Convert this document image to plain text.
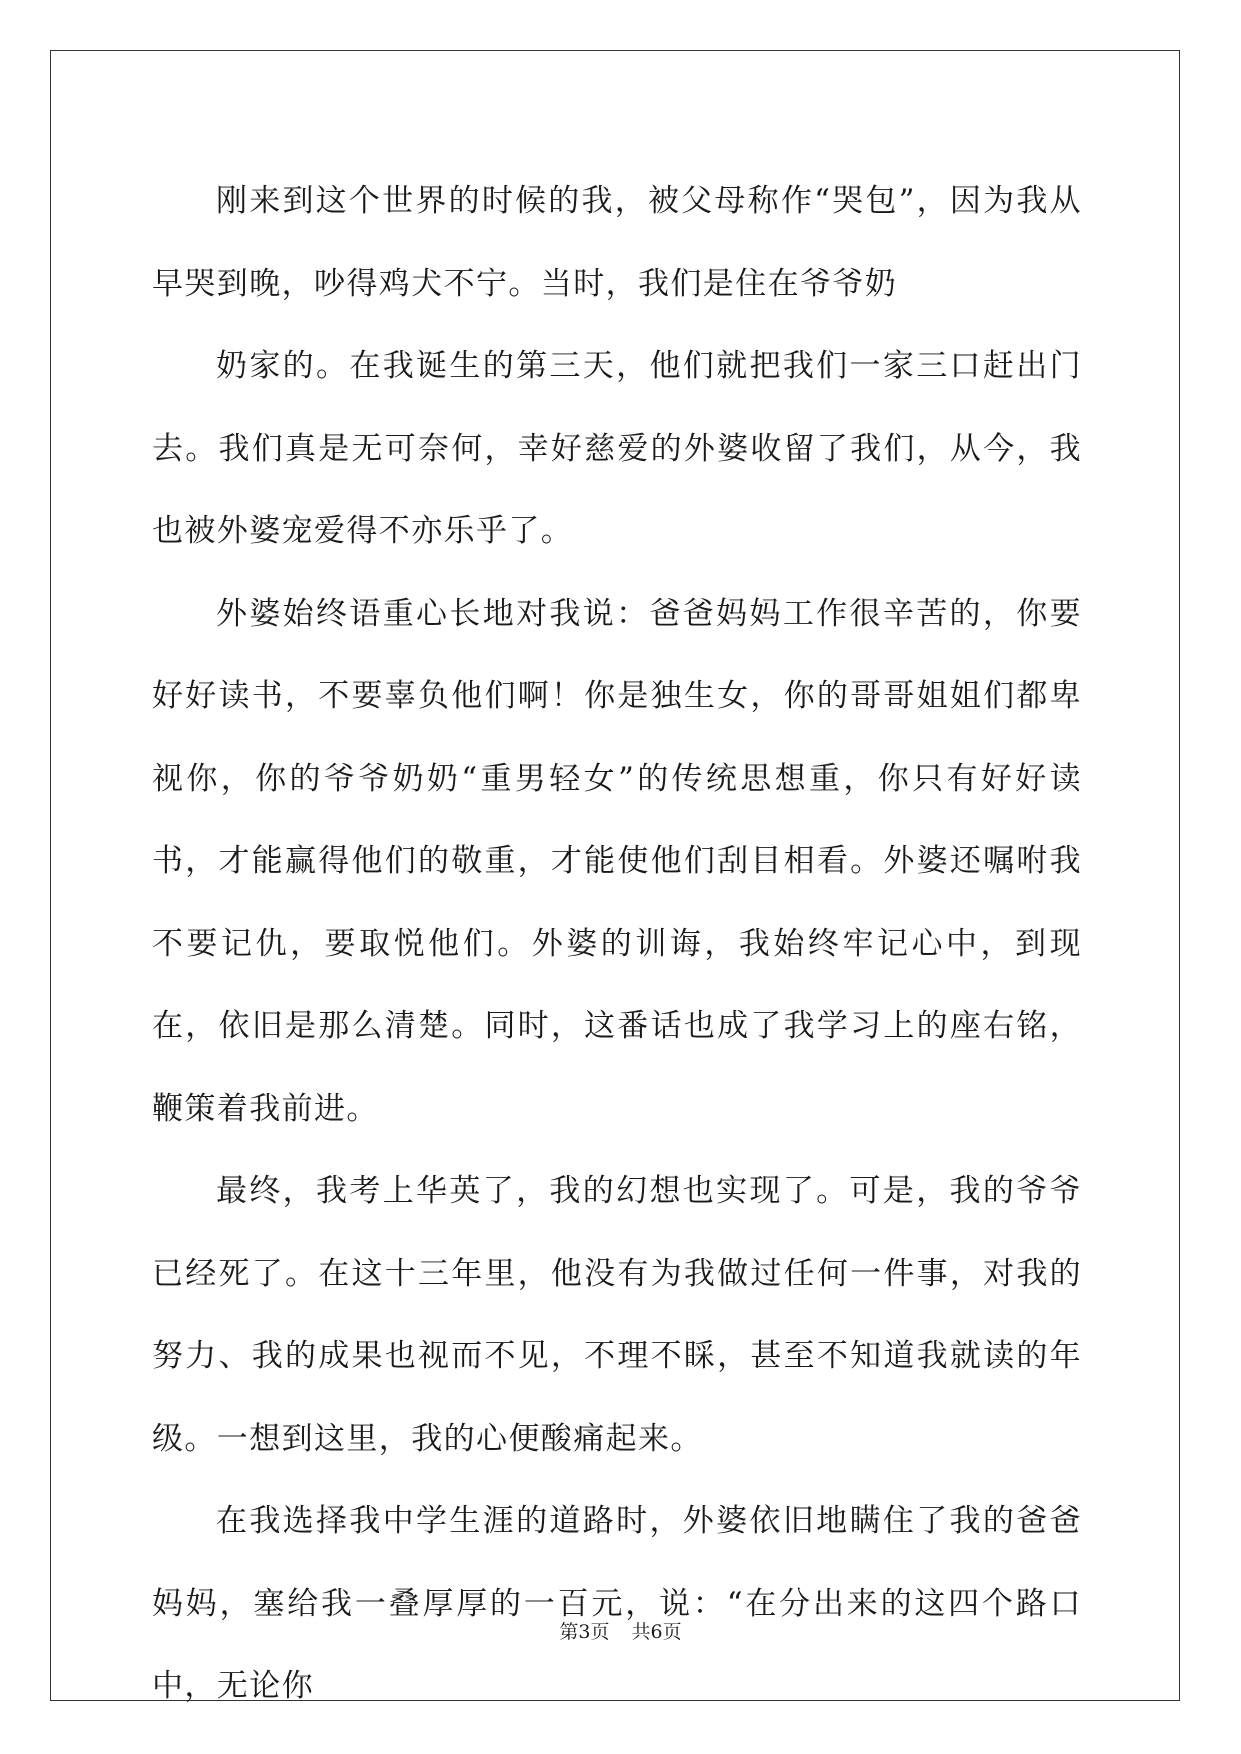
刚来到这个世界的时候的我，被父母称作“哭包”，因为我从早哭到晚，吵得鸡犬不宁。当时，我们是住在爷爷奶

奶家的。在我诞生的第三天，他们就把我们一家三口赶出门去。我们真是无可奈何，幸好慈爱的外婆收留了我们，从今，我也被外婆宠爱得不亦乐乎了。

外婆始终语重心长地对我说：爸爸妈妈工作很辛苦的，你要好好读书，不要辜负他们啊！你是独生女，你的哥哥姐姐们都卑视你，你的爷爷奶奶“重男轻女”的传统思想重，你只有好好读书，才能赢得他们的敬重，才能使他们刮目相看。外婆还嘱咐我不要记仇，要取悦他们。外婆的训诲，我始终牢记心中，到现在，依旧是那么清楚。同时，这番话也成了我学习上的座右铭，鞭策着我前进。

最终，我考上华英了，我的幻想也实现了。可是，我的爷爷已经死了。在这十三年里，他没有为我做过任何一件事，对我的努力、我的成果也视而不见，不理不睬，甚至不知道我就读的年级。一想到这里，我的心便酸痛起来。

在我选择我中学生涯的道路时，外婆依旧地瞒住了我的爸爸妈妈，塞给我一叠厚厚的一百元，说：“在分出来的这四个路口中，无论你

第3页 共6页
